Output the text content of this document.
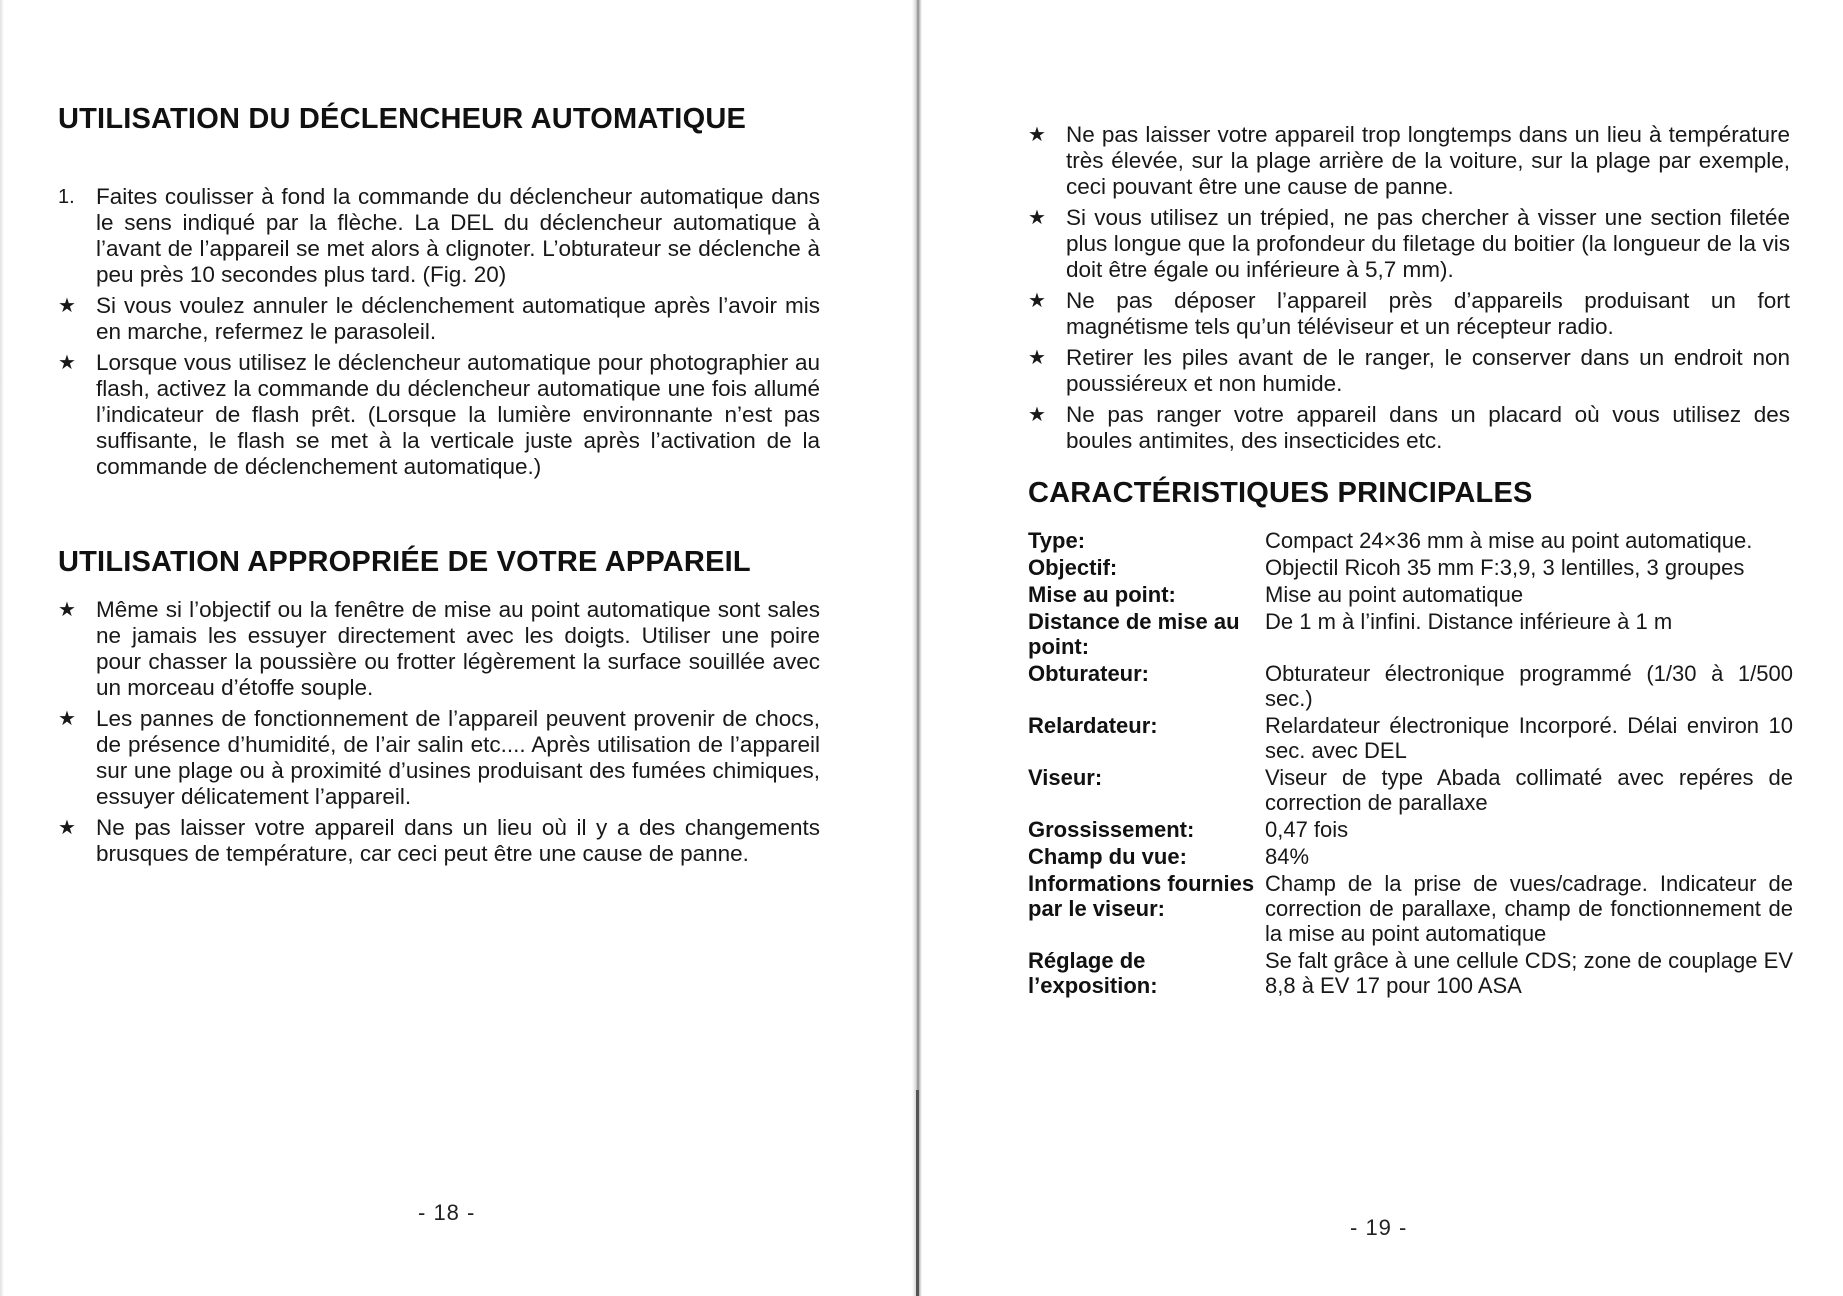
UTILISATION DU DÉCLENCHEUR AUTOMATIQUE
1. Faites coulisser à fond la commande du déclencheur automatique dans le sens indiqué par la flèche. La DEL du déclencheur automatique à l’avant de l’appareil se met alors à clignoter. L’obturateur se déclenche à peu près 10 secondes plus tard. (Fig. 20)
★ Si vous voulez annuler le déclenchement automatique après l’avoir mis en marche, refermez le parasoleil.
★ Lorsque vous utilisez le déclencheur automatique pour photographier au flash, activez la commande du déclencheur automatique une fois allumé l’indicateur de flash prêt. (Lorsque la lumière environnante n’est pas suffisante, le flash se met à la verticale juste après l’activation de la commande de déclenchement automatique.)
UTILISATION APPROPRIÉE DE VOTRE APPAREIL
★ Même si l’objectif ou la fenêtre de mise au point automatique sont sales ne jamais les essuyer directement avec les doigts. Utiliser une poire pour chasser la poussière ou frotter légèrement la surface souillée avec un morceau d’étoffe souple.
★ Les pannes de fonctionnement de l’appareil peuvent provenir de chocs, de présence d’humidité, de l’air salin etc.... Après utilisation de l’appareil sur une plage ou à proximité d’usines produisant des fumées chimiques, essuyer délicatement l’appareil.
★ Ne pas laisser votre appareil dans un lieu où il y a des changements brusques de température, car ceci peut être une cause de panne.
- 18 -
★ Ne pas laisser votre appareil trop longtemps dans un lieu à température très élevée, sur la plage arrière de la voiture, sur la plage par exemple, ceci pouvant être une cause de panne.
★ Si vous utilisez un trépied, ne pas chercher à visser une section filetée plus longue que la profondeur du filetage du boitier (la longueur de la vis doit être égale ou inférieure à 5,7 mm).
★ Ne pas déposer l’appareil près d’appareils produisant un fort magnétisme tels qu’un téléviseur et un récepteur radio.
★ Retirer les piles avant de le ranger, le conserver dans un endroit non poussiéreux et non humide.
★ Ne pas ranger votre appareil dans un placard où vous utilisez des boules antimites, des insecticides etc.
CARACTÉRISTIQUES PRINCIPALES
Type:	Compact 24×36 mm à mise au point automatique.
Objectif:	Objectil Ricoh 35 mm F:3,9, 3 lentilles, 3 groupes
Mise au point:	Mise au point automatique
Distance de mise au point:	De 1 m à l’infini. Distance inférieure à 1 m
Obturateur:	Obturateur électronique programmé (1/30 à 1/500 sec.)
Relardateur:	Relardateur électronique Incorporé. Délai environ 10 sec. avec DEL
Viseur:	Viseur de type Abada collimaté avec repéres de correction de parallaxe
Grossissement:	0,47 fois
Champ du vue:	84%
Informations fournies par le viseur:	Champ de la prise de vues/cadrage. Indicateur de correction de parallaxe, champ de fonctionnement de la mise au point automatique
Réglage de l’exposition:	Se falt grâce à une cellule CDS; zone de couplage EV 8,8 à EV 17 pour 100 ASA
- 19 -
